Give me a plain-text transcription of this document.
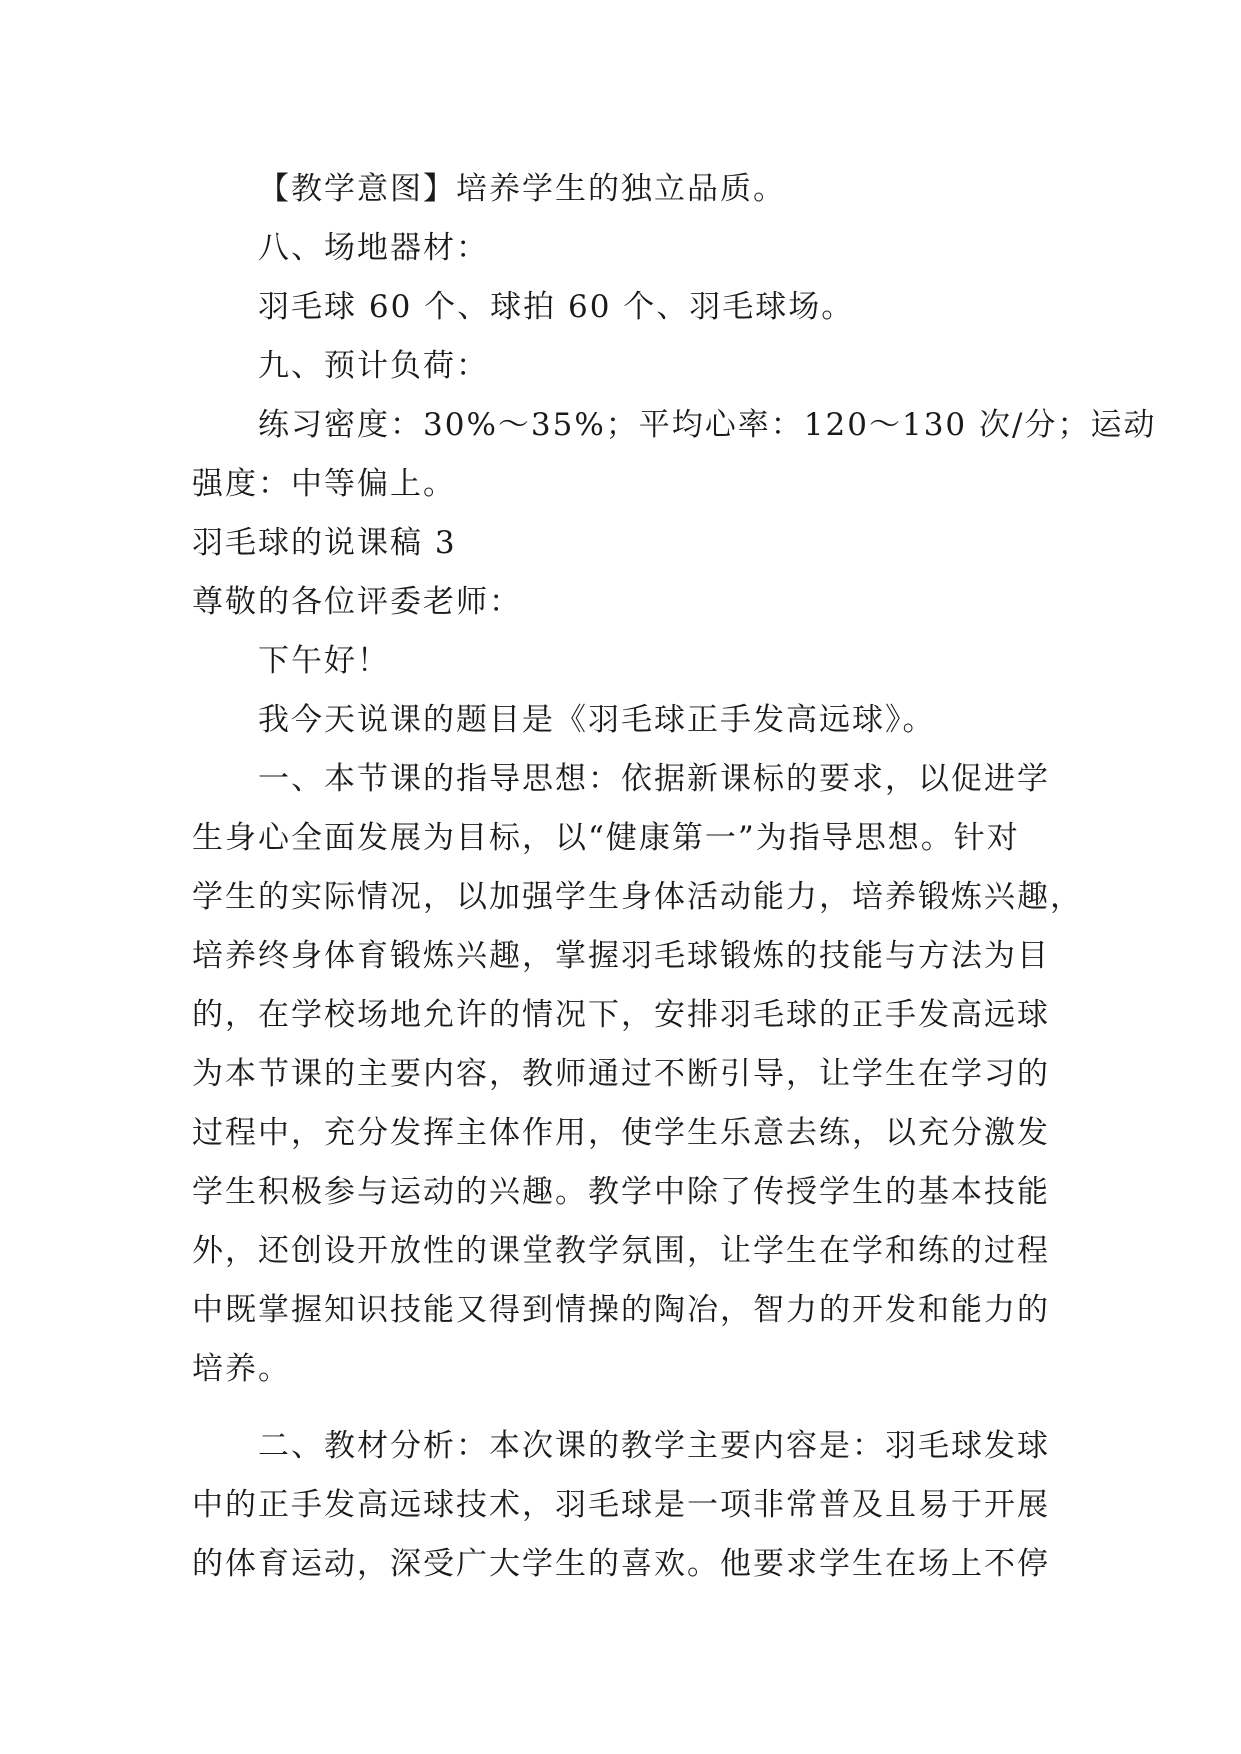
【教学意图】培养学生的独立品质。
八、场地器材：
羽毛球 60 个、球拍 60 个、羽毛球场。
九、预计负荷：
练习密度：30%～35%；平均心率：120～130 次/分；运动
强度：中等偏上。
羽毛球的说课稿 3
尊敬的各位评委老师：
下午好！
我今天说课的题目是《羽毛球正手发高远球》。
一、本节课的指导思想：依据新课标的要求，以促进学
生身心全面发展为目标，以“健康第一”为指导思想。针对
学生的实际情况，以加强学生身体活动能力，培养锻炼兴趣，
培养终身体育锻炼兴趣，掌握羽毛球锻炼的技能与方法为目
的，在学校场地允许的情况下，安排羽毛球的正手发高远球
为本节课的主要内容，教师通过不断引导，让学生在学习的
过程中，充分发挥主体作用，使学生乐意去练，以充分激发
学生积极参与运动的兴趣。教学中除了传授学生的基本技能
外，还创设开放性的课堂教学氛围，让学生在学和练的过程
中既掌握知识技能又得到情操的陶冶，智力的开发和能力的
培养。
二、教材分析：本次课的教学主要内容是：羽毛球发球
中的正手发高远球技术，羽毛球是一项非常普及且易于开展
的体育运动，深受广大学生的喜欢。他要求学生在场上不停
